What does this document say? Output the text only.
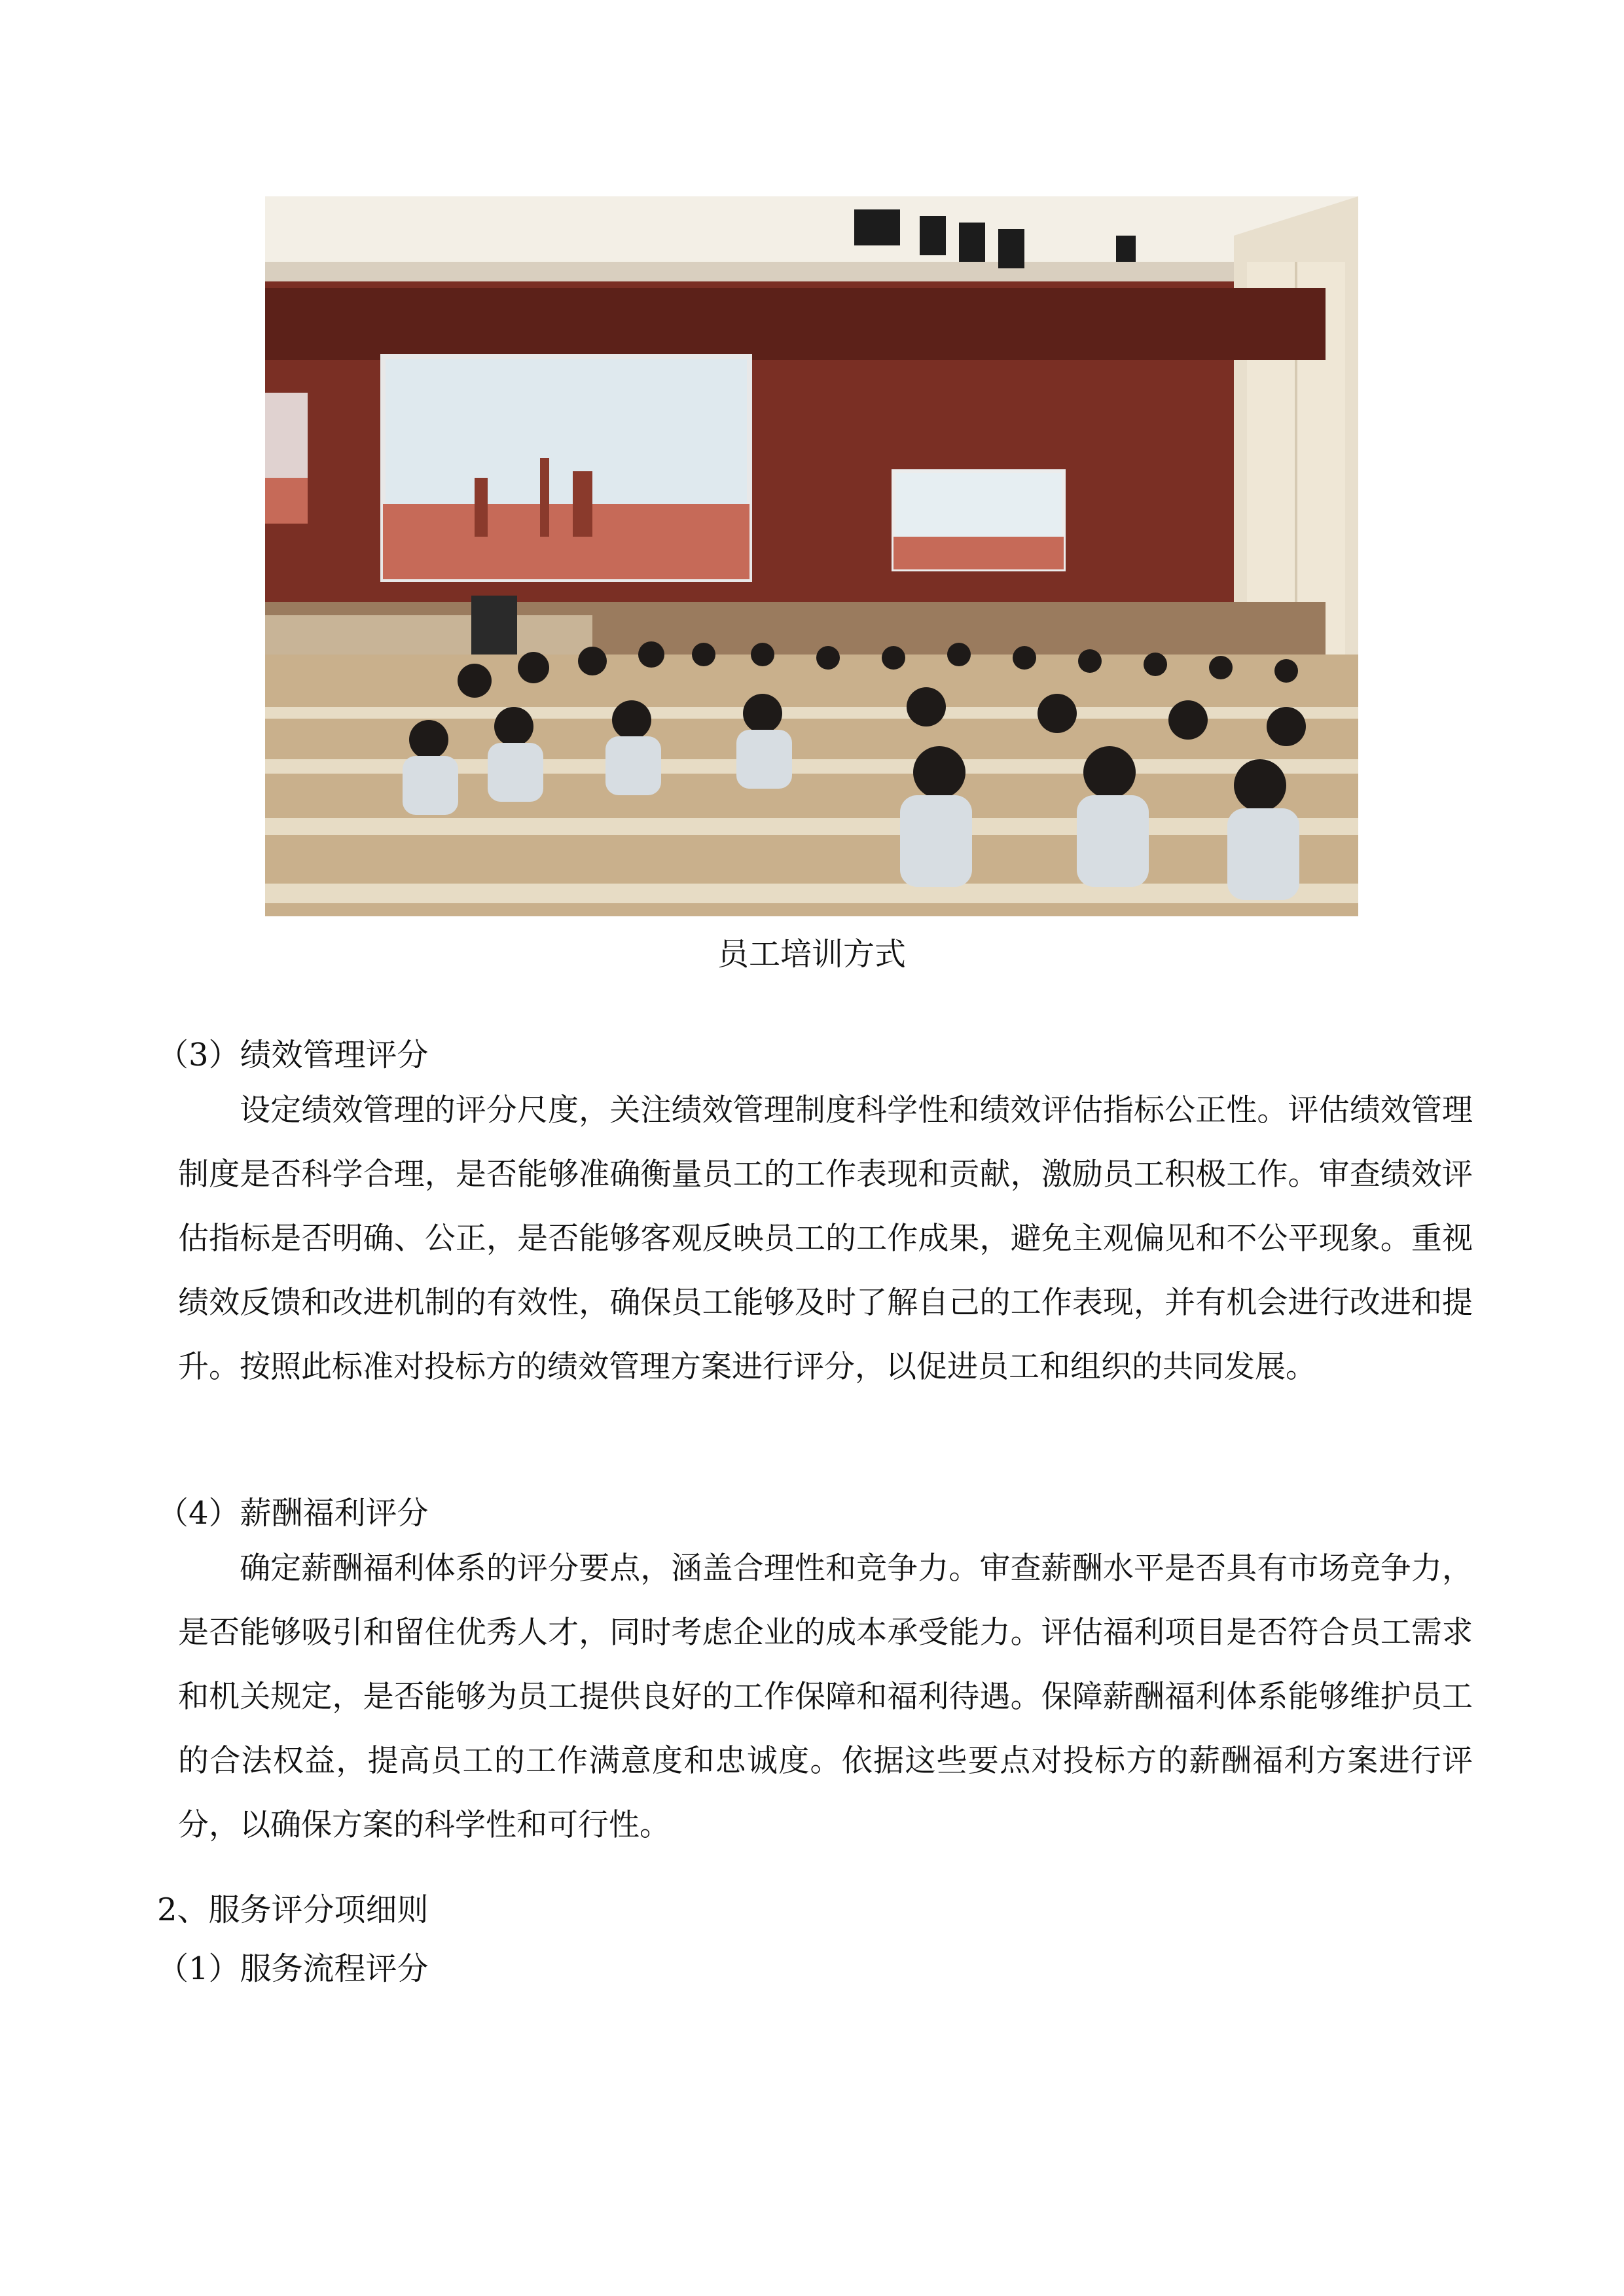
员工培训方式
（3）绩效管理评分
设定绩效管理的评分尺度，关注绩效管理制度科学性和绩效评估指标公正性。评估绩效管理制度是否科学合理，是否能够准确衡量员工的工作表现和贡献，激励员工积极工作。审查绩效评估指标是否明确、公正，是否能够客观反映员工的工作成果，避免主观偏见和不公平现象。重视绩效反馈和改进机制的有效性，确保员工能够及时了解自己的工作表现，并有机会进行改进和提升。按照此标准对投标方的绩效管理方案进行评分，以促进员工和组织的共同发展。
（4）薪酬福利评分
确定薪酬福利体系的评分要点，涵盖合理性和竞争力。审查薪酬水平是否具有市场竞争力，是否能够吸引和留住优秀人才，同时考虑企业的成本承受能力。评估福利项目是否符合员工需求和机关规定，是否能够为员工提供良好的工作保障和福利待遇。保障薪酬福利体系能够维护员工的合法权益，提高员工的工作满意度和忠诚度。依据这些要点对投标方的薪酬福利方案进行评分，以确保方案的科学性和可行性。
2、服务评分项细则
（1）服务流程评分
